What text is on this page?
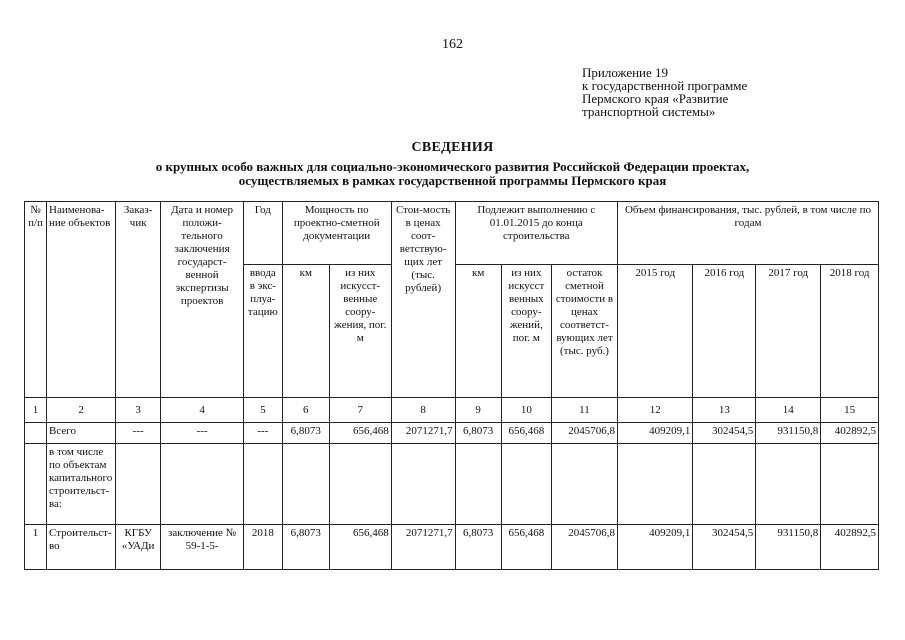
162
Приложение 19
к государственной программе
Пермского края «Развитие
транспортной системы»
СВЕДЕНИЯ
о крупных особо важных для социально-экономического развития Российской Федерации проектах,
осуществляемых в рамках государственной программы Пермского края
№ п/п	Наименова-ние объектов	Заказ-чик	Дата и номер положи-тельного заключения государст-венной экспертизы проектов	Год	Мощность по проектно-сметной документации		Стои-мость в ценах соот-ветствую-щих лет (тыс. рублей)	Подлежит выполнению с 01.01.2015 до конца строительства			Объем финансирования, тыс. рублей, в том числе по годам			
				ввода в экс-плуа-тацию	км	из них искусст-венные соору-жения, пог. м		км	из них искусст венных соору-жений, пог. м	остаток сметной стоимости в ценах соответст-вующих лет (тыс. руб.)	2015 год	2016 год	2017 год	2018 год
1	2	3	4	5	6	7	8	9	10	11	12	13	14	15
	Всего	---	---	---	6,8073	656,468	2071271,7	6,8073	656,468	2045706,8	409209,1	302454,5	931150,8	402892,5
	в том числе по объектам капитального строительст-ва:													
1	Строительст-во	КГБУ «УАДи	заключение № 59-1-5-	2018	6,8073	656,468	2071271,7	6,8073	656,468	2045706,8	409209,1	302454,5	931150,8	402892,5
